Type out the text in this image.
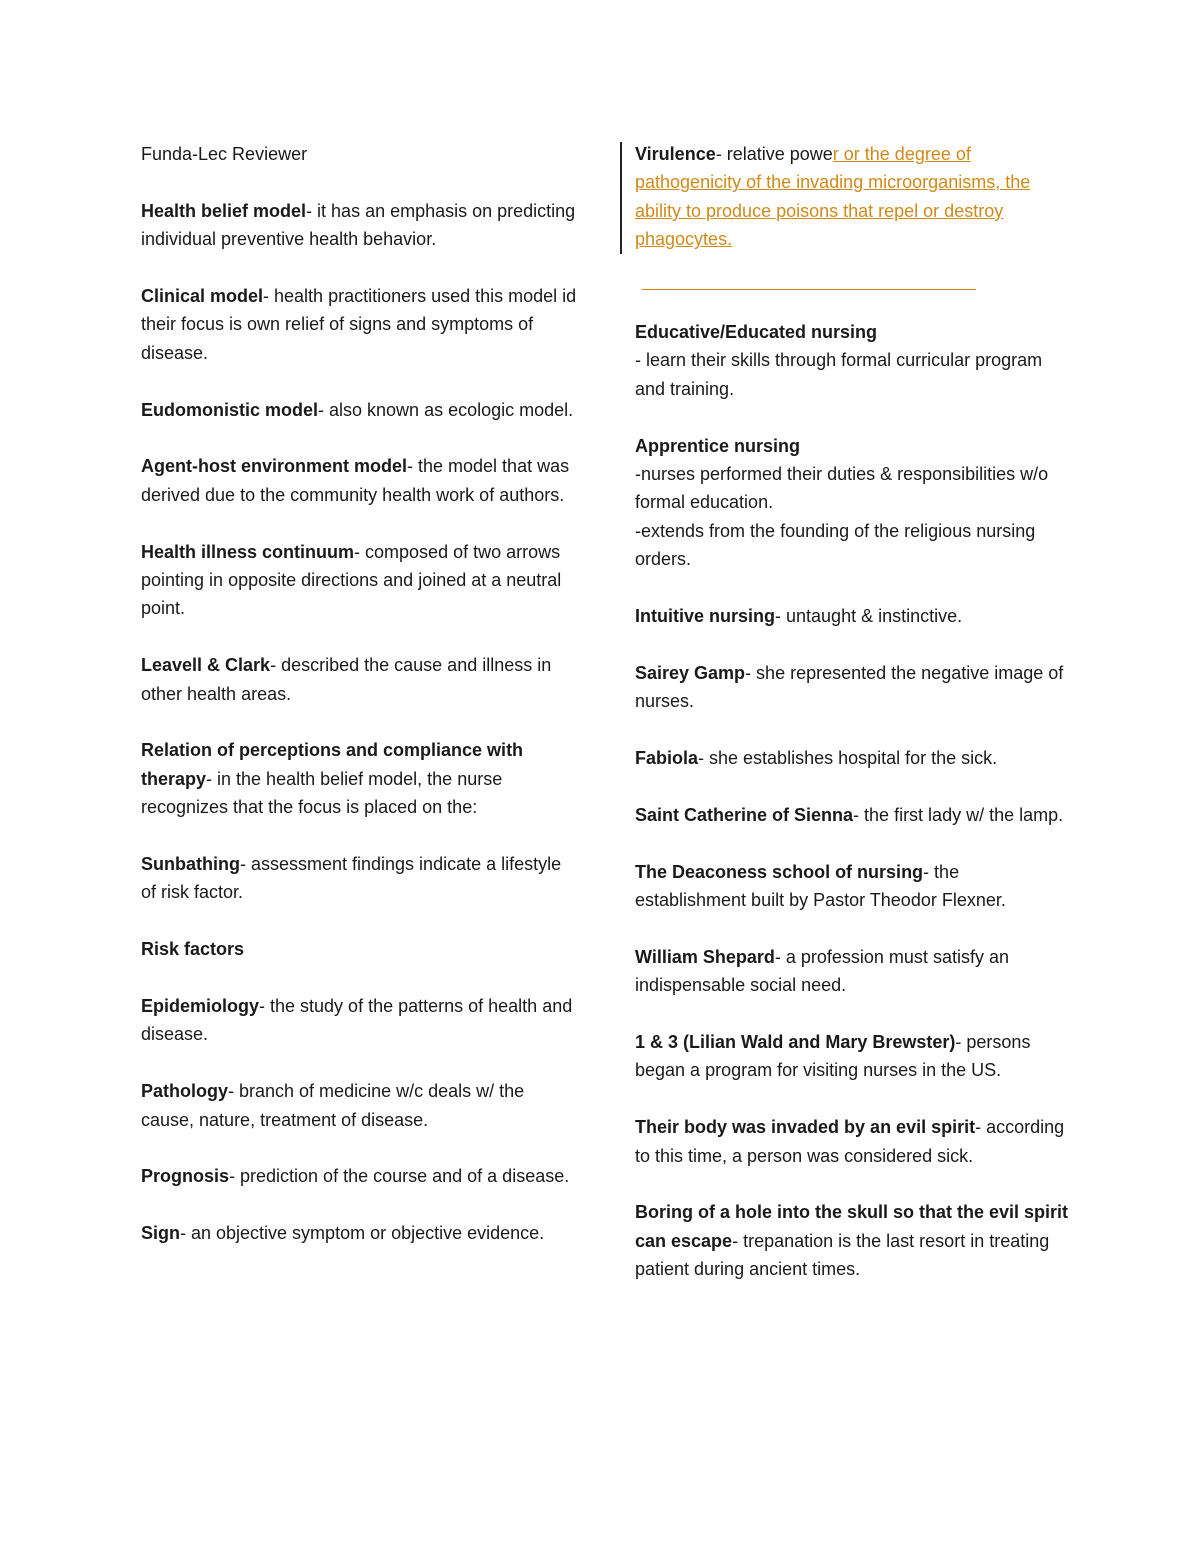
Funda-Lec Reviewer

Health belief model- it has an emphasis on predicting individual preventive health behavior.

Clinical model- health practitioners used this model id their focus is own relief of signs and symptoms of disease.

Eudomonistic model- also known as ecologic model.

Agent-host environment model- the model that was derived due to the community health work of authors.

Health illness continuum- composed of two arrows pointing in opposite directions and joined at a neutral point.

Leavell & Clark- described the cause and illness in other health areas.

Relation of perceptions and compliance with therapy- in the health belief model, the nurse recognizes that the focus is placed on the:

Sunbathing- assessment findings indicate a lifestyle of risk factor.

Risk factors

Epidemiology- the study of the patterns of health and disease.

Pathology- branch of medicine w/c deals w/ the cause, nature, treatment of disease.

Prognosis- prediction of the course and of a disease.

Sign- an objective symptom or objective evidence.

Virulence- relative power or the degree of pathogenicity of the invading microorganisms, the ability to produce poisons that repel or destroy phagocytes.

Educative/Educated nursing
- learn their skills through formal curricular program and training.

Apprentice nursing
-nurses performed their duties & responsibilities w/o formal education.
-extends from the founding of the religious nursing orders.

Intuitive nursing- untaught & instinctive.

Sairey Gamp- she represented the negative image of nurses.

Fabiola- she establishes hospital for the sick.

Saint Catherine of Sienna- the first lady w/ the lamp.

The Deaconess school of nursing- the establishment built by Pastor Theodor Flexner.

William Shepard- a profession must satisfy an indispensable social need.

1 & 3 (Lilian Wald and Mary Brewster)- persons began a program for visiting nurses in the US.

Their body was invaded by an evil spirit- according to this time, a person was considered sick.

Boring of a hole into the skull so that the evil spirit can escape- trepanation is the last resort in treating patient during ancient times.
